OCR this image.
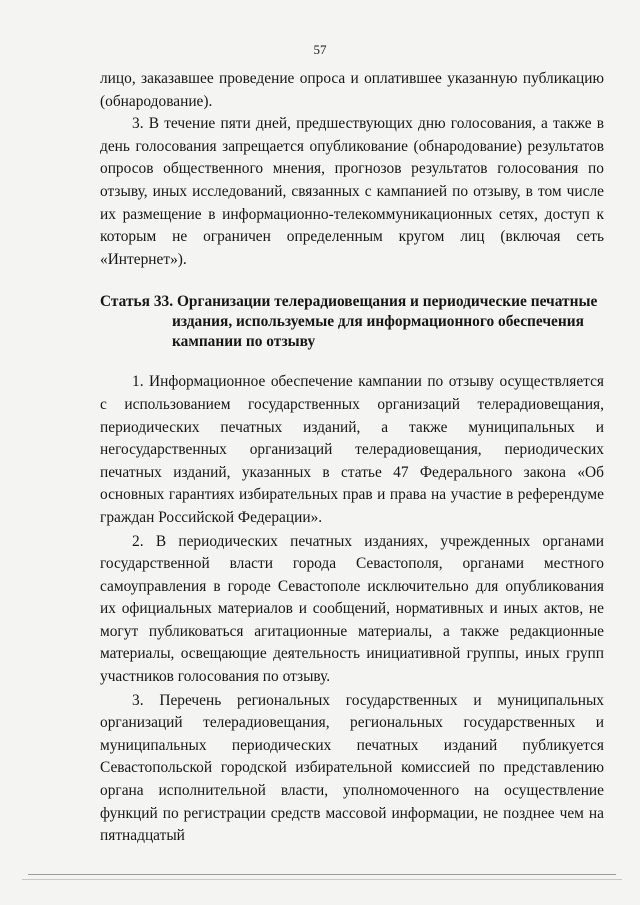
57

лицо, заказавшее проведение опроса и оплатившее указанную публикацию (обнародование).

3. В течение пяти дней, предшествующих дню голосования, а также в день голосования запрещается опубликование (обнародование) результатов опросов общественного мнения, прогнозов результатов голосования по отзыву, иных исследований, связанных с кампанией по отзыву, в том числе их размещение в информационно-телекоммуникационных сетях, доступ к которым не ограничен определенным кругом лиц (включая сеть «Интернет»).

Статья 33. Организации телерадиовещания и периодические печатные издания, используемые для информационного обеспечения кампании по отзыву

1. Информационное обеспечение кампании по отзыву осуществляется с использованием государственных организаций телерадиовещания, периодических печатных изданий, а также муниципальных и негосударственных организаций телерадиовещания, периодических печатных изданий, указанных в статье 47 Федерального закона «Об основных гарантиях избирательных прав и права на участие в референдуме граждан Российской Федерации».

2. В периодических печатных изданиях, учрежденных органами государственной власти города Севастополя, органами местного самоуправления в городе Севастополе исключительно для опубликования их официальных материалов и сообщений, нормативных и иных актов, не могут публиковаться агитационные материалы, а также редакционные материалы, освещающие деятельность инициативной группы, иных групп участников голосования по отзыву.

3. Перечень региональных государственных и муниципальных организаций телерадиовещания, региональных государственных и муниципальных периодических печатных изданий публикуется Севастопольской городской избирательной комиссией по представлению органа исполнительной власти, уполномоченного на осуществление функций по регистрации средств массовой информации, не позднее чем на пятнадцатый
